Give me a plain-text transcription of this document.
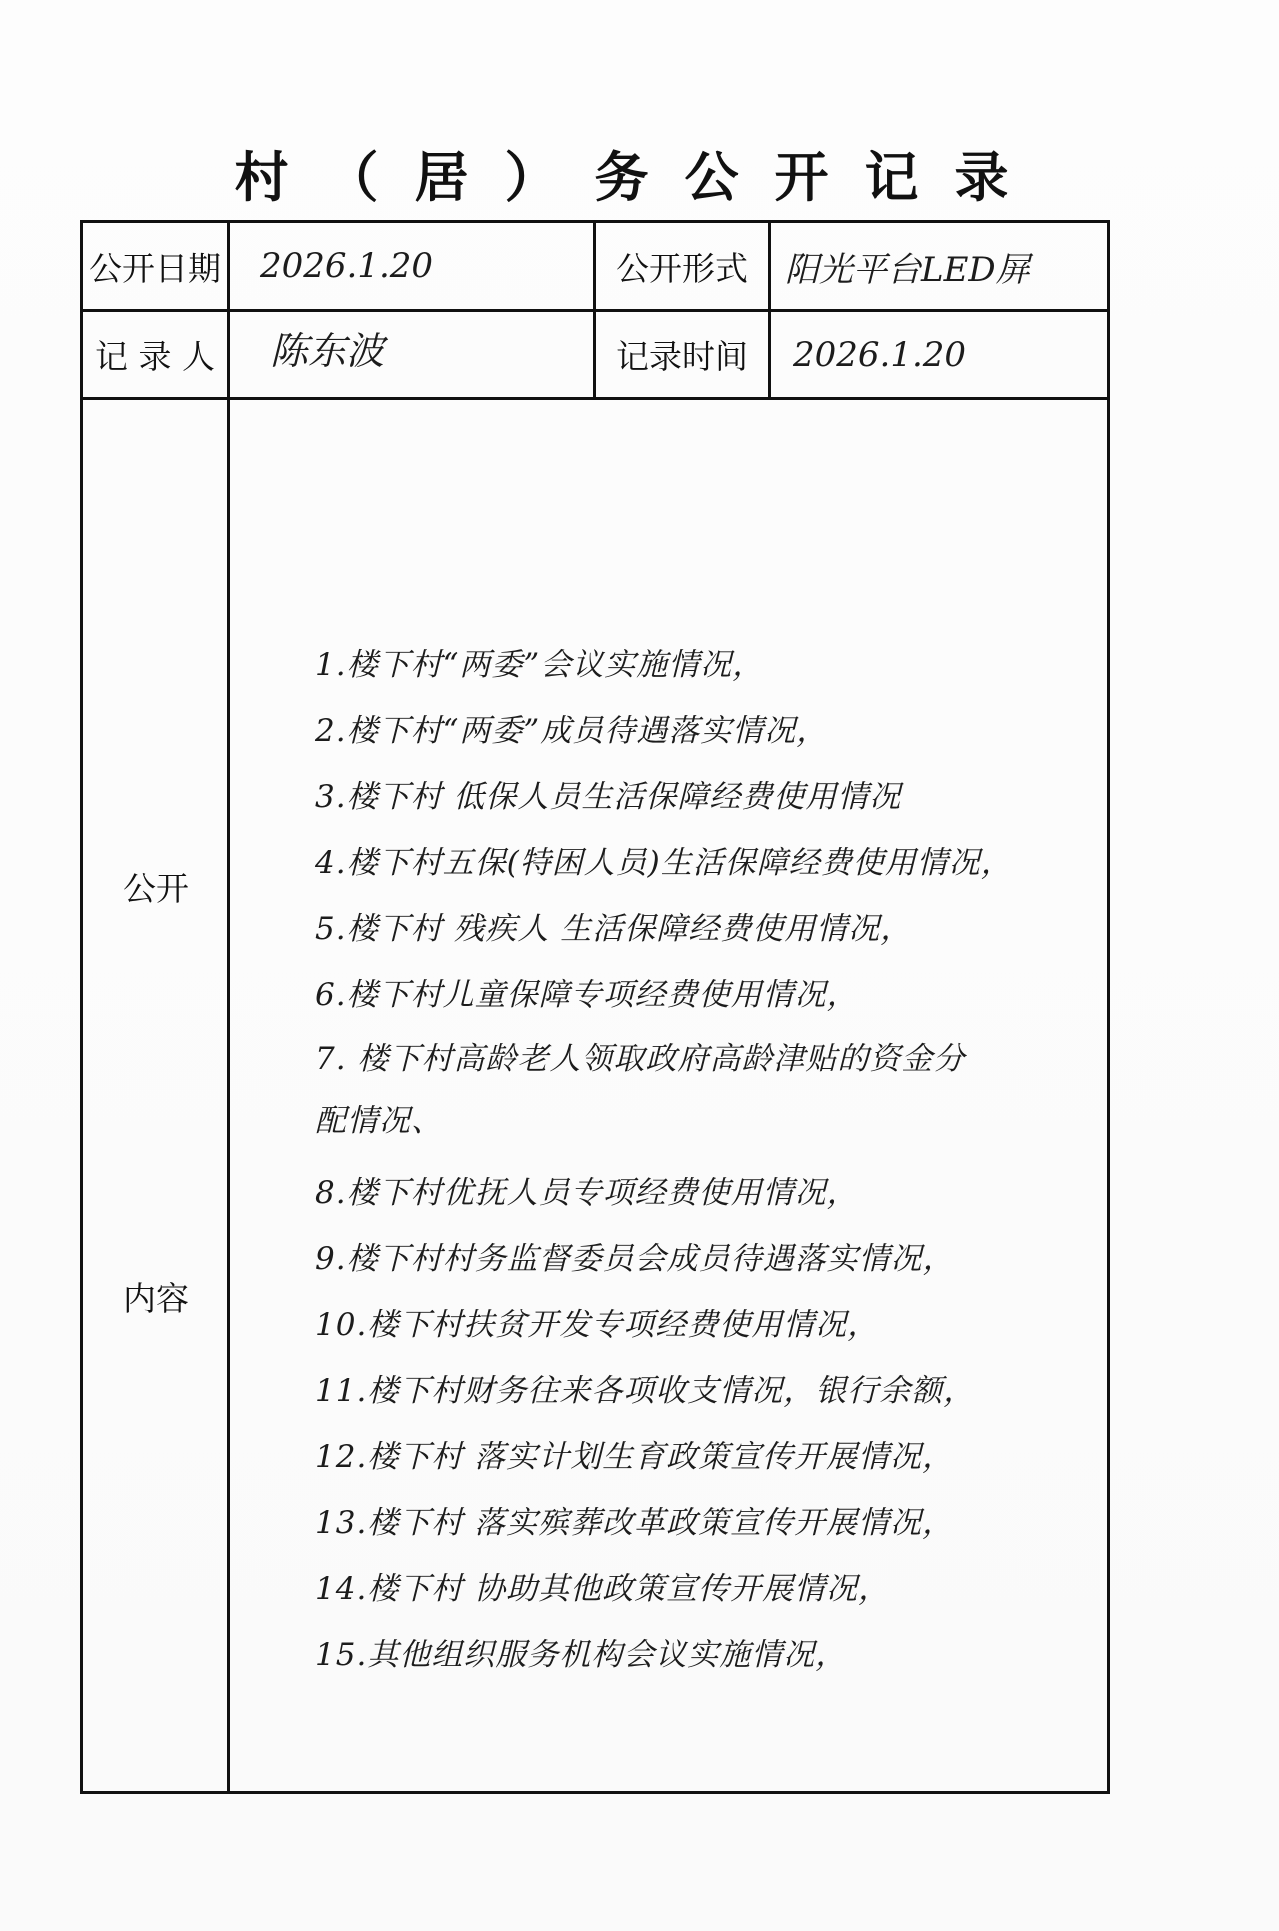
村（居）务公开记录
公开日期	2026.1.20	公开形式	阳光平台LED屏
记 录 人	陈东波	记录时间	2026.1.20
公开
内容
1.楼下村“两委”会议实施情况，
2.楼下村“两委”成员待遇落实情况，
3.楼下村 低保人员生活保障经费使用情况
4.楼下村五保(特困人员)生活保障经费使用情况，
5.楼下村 残疾人 生活保障经费使用情况，
6.楼下村儿童保障专项经费使用情况，
7. 楼下村高龄老人领取政府高龄津贴的资金分配情况、
8.楼下村优抚人员专项经费使用情况，
9.楼下村村务监督委员会成员待遇落实情况，
10.楼下村扶贫开发专项经费使用情况，
11.楼下村财务往来各项收支情况，银行余额，
12.楼下村 落实计划生育政策宣传开展情况，
13.楼下村 落实殡葬改革政策宣传开展情况，
14.楼下村 协助其他政策宣传开展情况，
15.其他组织服务机构会议实施情况，
